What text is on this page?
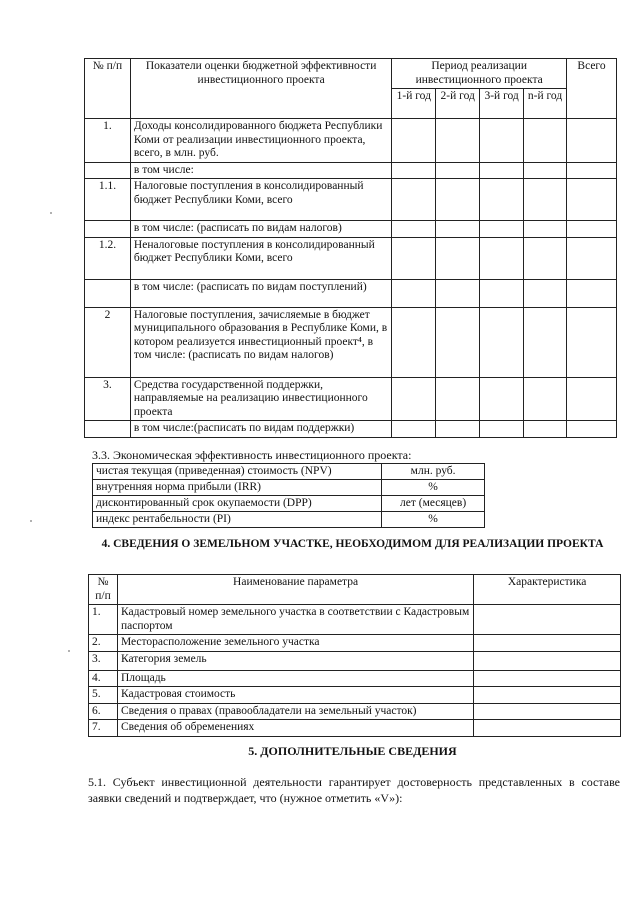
№ п/п	Показатели оценки бюджетной эффективности инвестиционного проекта	Период реализации инвестиционного проекта				Всего
		1-й год	2-й год	3-й год	n-й год	
1.	Доходы консолидированного бюджета Республики Коми от реализации инвестиционного проекта, всего, в млн. руб.					
	в том числе:					
1.1.	Налоговые поступления в консолидированный бюджет Республики Коми, всего					
	в том числе: (расписать по видам налогов)					
1.2.	Неналоговые поступления в консолидированный бюджет Республики Коми, всего					
	в том числе: (расписать по видам поступлений)					
2	Налоговые поступления, зачисляемые в бюджет муниципального образования в Республике Коми, в котором реализуется инвестиционный проект⁴, в том числе: (расписать по видам налогов)					
3.	Средства государственной поддержки, направляемые на реализацию инвестиционного проекта					
	в том числе:(расписать по видам поддержки)					
3.3. Экономическая эффективность инвестиционного проекта:
чистая текущая (приведенная) стоимость (NPV)	млн. руб.
внутренняя норма прибыли (IRR)	%
дисконтированный срок окупаемости (DPP)	лет (месяцев)
индекс рентабельности (PI)	%
4. СВЕДЕНИЯ О ЗЕМЕЛЬНОМ УЧАСТКЕ, НЕОБХОДИМОМ ДЛЯ РЕАЛИЗАЦИИ ПРОЕКТА
№ п/п	Наименование параметра	Характеристика
1.	Кадастровый номер земельного участка в соответствии с Кадастровым паспортом	
2.	Месторасположение земельного участка	
3.	Категория земель	
4.	Площадь	
5.	Кадастровая стоимость	
6.	Сведения о правах (правообладатели на земельный участок)	
7.	Сведения об обременениях	
5. ДОПОЛНИТЕЛЬНЫЕ СВЕДЕНИЯ
5.1. Субъект инвестиционной деятельности гарантирует достоверность представленных в составе заявки сведений и подтверждает, что (нужное отметить «V»):
